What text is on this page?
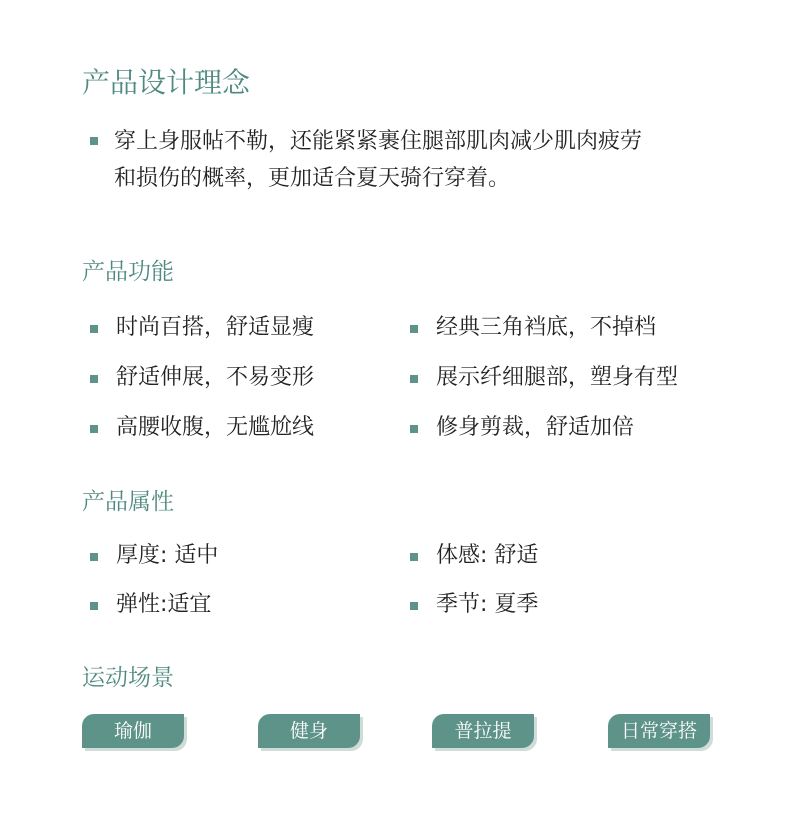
产品设计理念
穿上身服帖不勒，还能紧紧裹住腿部肌肉减少肌肉疲劳
和损伤的概率，更加适合夏天骑行穿着。
产品功能
时尚百搭，舒适显瘦	经典三角裆底，不掉档
舒适伸展，不易变形	展示纤细腿部，塑身有型
高腰收腹，无尴尬线	修身剪裁，舒适加倍
产品属性
厚度: 适中	体感: 舒适
弹性:适宜	季节: 夏季
运动场景
瑜伽	健身	普拉提	日常穿搭
